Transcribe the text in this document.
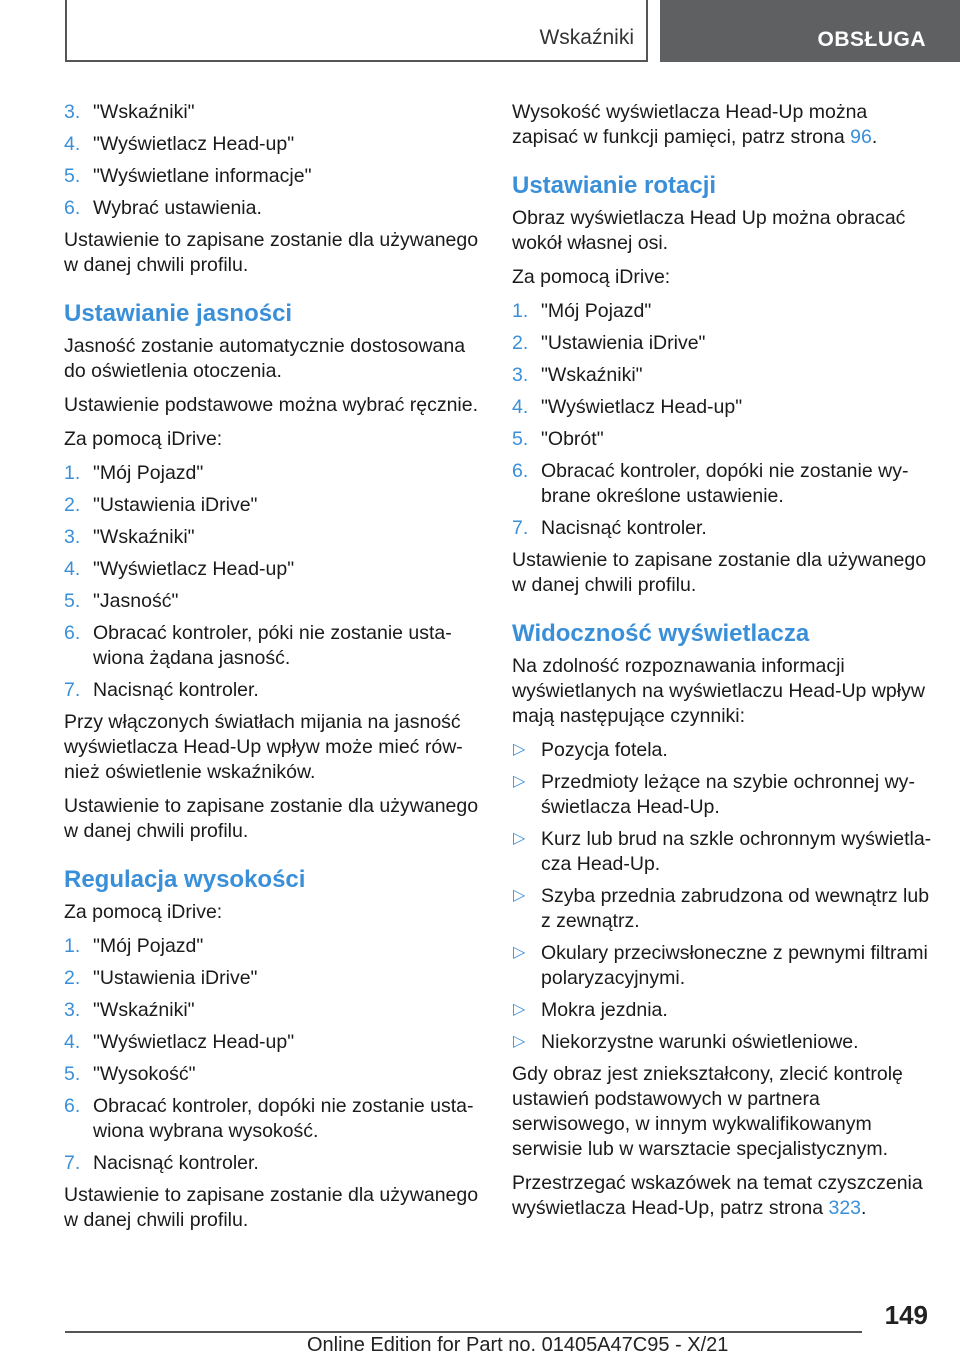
Wskaźniki	OBSŁUGA
3. "Wskaźniki"
4. "Wyświetlacz Head-up"
5. "Wyświetlane informacje"
6. Wybrać ustawienia.

Ustawienie to zapisane zostanie dla używanego w danej chwili profilu.

Ustawianie jasności

Jasność zostanie automatycznie dostosowana do oświetlenia otoczenia.

Ustawienie podstawowe można wybrać ręcznie.

Za pomocą iDrive:

1. "Mój Pojazd"
2. "Ustawienia iDrive"
3. "Wskaźniki"
4. "Wyświetlacz Head-up"
5. "Jasność"
6. Obracać kontroler, póki nie zostanie ustawiona żądana jasność.
7. Nacisnąć kontroler.

Przy włączonych światłach mijania na jasność wyświetlacza Head-Up wpływ może mieć również oświetlenie wskaźników.

Ustawienie to zapisane zostanie dla używanego w danej chwili profilu.

Regulacja wysokości

Za pomocą iDrive:

1. "Mój Pojazd"
2. "Ustawienia iDrive"
3. "Wskaźniki"
4. "Wyświetlacz Head-up"
5. "Wysokość"
6. Obracać kontroler, dopóki nie zostanie ustawiona wybrana wysokość.
7. Nacisnąć kontroler.

Ustawienie to zapisane zostanie dla używanego w danej chwili profilu.

Wysokość wyświetlacza Head-Up można zapisać w funkcji pamięci, patrz strona 96.

Ustawianie rotacji

Obraz wyświetlacza Head Up można obracać wokół własnej osi.

Za pomocą iDrive:

1. "Mój Pojazd"
2. "Ustawienia iDrive"
3. "Wskaźniki"
4. "Wyświetlacz Head-up"
5. "Obrót"
6. Obracać kontroler, dopóki nie zostanie wybrane określone ustawienie.
7. Nacisnąć kontroler.

Ustawienie to zapisane zostanie dla używanego w danej chwili profilu.

Widoczność wyświetlacza

Na zdolność rozpoznawania informacji wyświetlanych na wyświetlaczu Head-Up wpływ mają następujące czynniki:

▷ Pozycja fotela.
▷ Przedmioty leżące na szybie ochronnej wyświetlacza Head-Up.
▷ Kurz lub brud na szkle ochronnym wyświetlacza Head-Up.
▷ Szyba przednia zabrudzona od wewnątrz lub z zewnątrz.
▷ Okulary przeciwsłoneczne z pewnymi filtrami polaryzacyjnymi.
▷ Mokra jezdnia.
▷ Niekorzystne warunki oświetleniowe.

Gdy obraz jest zniekształcony, zlecić kontrolę ustawień podstawowych w partnera serwisowego, w innym wykwalifikowanym serwisie lub w warsztacie specjalistycznym.

Przestrzegać wskazówek na temat czyszczenia wyświetlacza Head-Up, patrz strona 323.

149
Online Edition for Part no. 01405A47C95 - X/21
